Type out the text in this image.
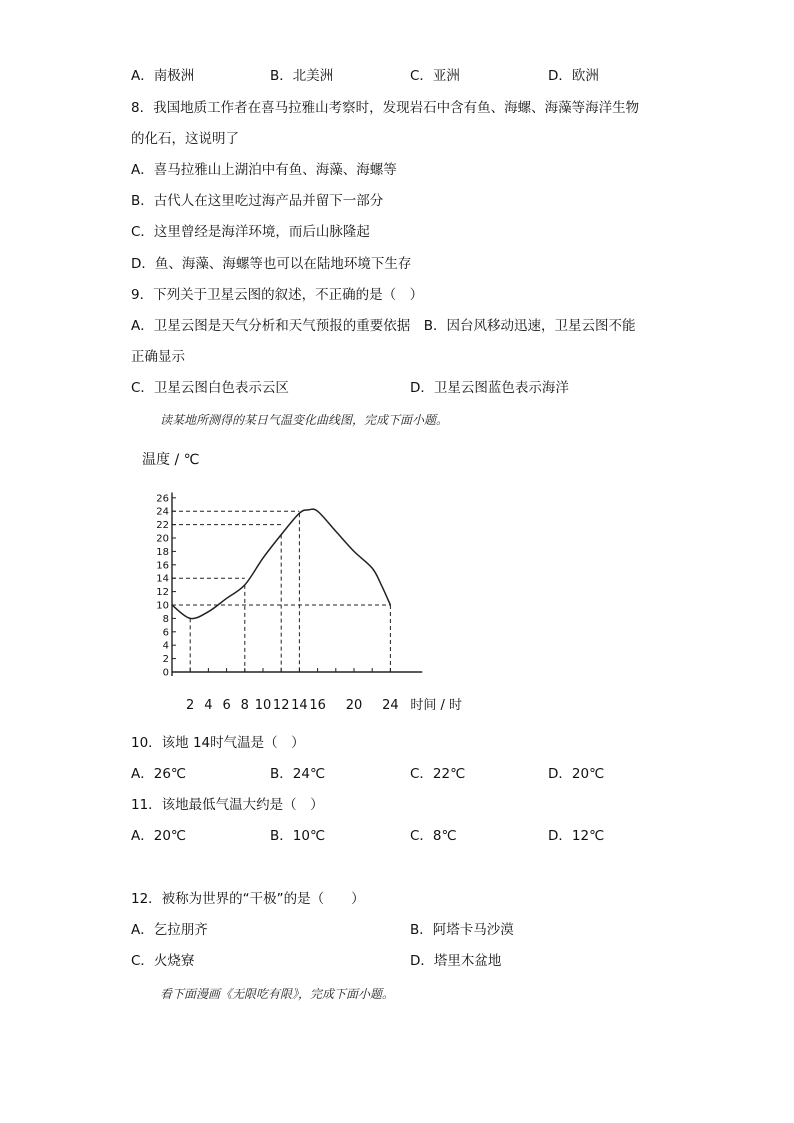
A．南极洲	B．北美洲	C．亚洲	D．欧洲
8．我国地质工作者在喜马拉雅山考察时，发现岩石中含有鱼、海螺、海藻等海洋生物
的化石，这说明了
A．喜马拉雅山上湖泊中有鱼、海藻、海螺等
B．古代人在这里吃过海产品并留下一部分
C．这里曾经是海洋环境，而后山脉隆起
D．鱼、海藻、海螺等也可以在陆地环境下生存
9．下列关于卫星云图的叙述，不正确的是（　）
A．卫星云图是天气分析和天气预报的重要依据　B．因台风移动迅速，卫星云图不能
正确显示
C．卫星云图白色表示云区	D．卫星云图蓝色表示海洋
读某地所测得的某日气温变化曲线图，完成下面小题。
0
2
4
6
8
10
12
14
16
18
20
22
24
26
2 4 6 8 10 12 14 16 20 24
温度 / ℃
时间 / 时
10．该地 14时气温是（　）
A．26℃	B．24℃	C．22℃	D．20℃
11．该地最低气温大约是（　）
A．20℃	B．10℃	C．8℃	D．12℃
12．被称为世界的“干极”的是（　　）
A．乞拉朋齐	B．阿塔卡马沙漠
C．火烧寮	D．塔里木盆地
看下面漫画《无限吃有限》，完成下面小题。
